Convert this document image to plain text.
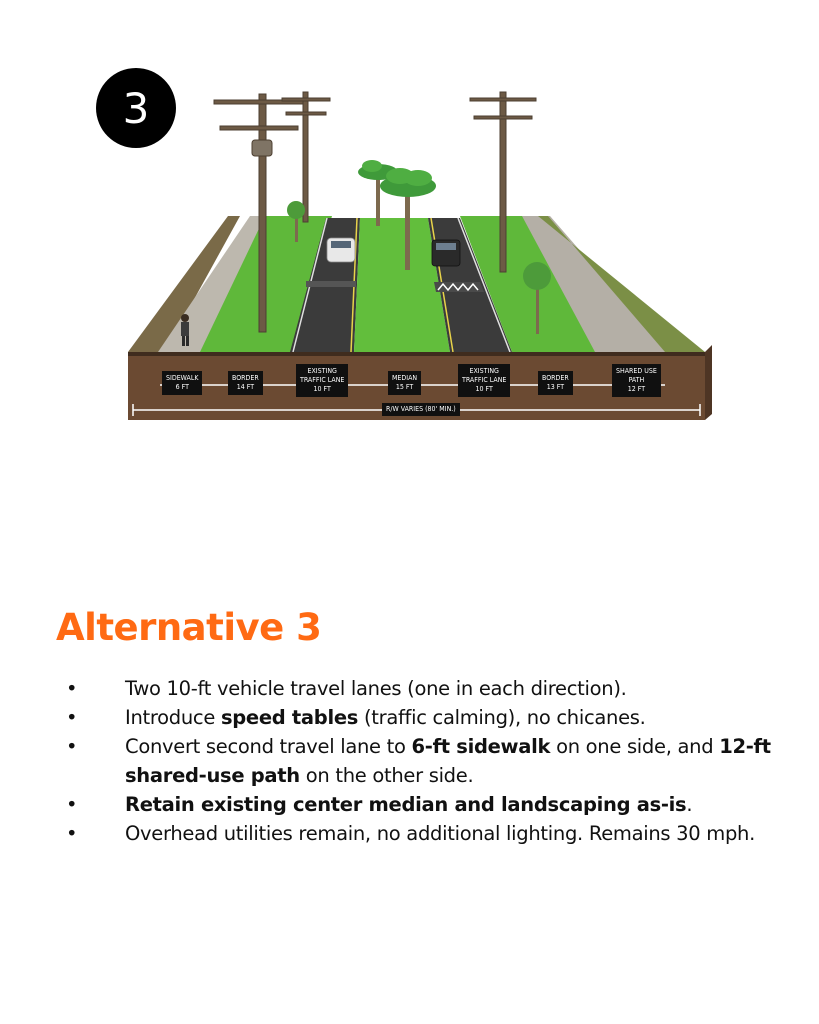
3
SIDEWALK
6 FT
BORDER
14 FT
EXISTING
TRAFFIC LANE
10 FT
MEDIAN
15 FT
EXISTING
TRAFFIC LANE
10 FT
BORDER
13 FT
SHARED USE
PATH
12 FT
R/W VARIES (80' MIN.)
Alternative 3
• Two 10-ft vehicle travel lanes (one in each direction).
• Introduce speed tables (traffic calming), no chicanes.
• Convert second travel lane to 6-ft sidewalk on one side, and 12-ft shared-use path on the other side.
• Retain existing center median and landscaping as-is.
• Overhead utilities remain, no additional lighting. Remains 30 mph.
